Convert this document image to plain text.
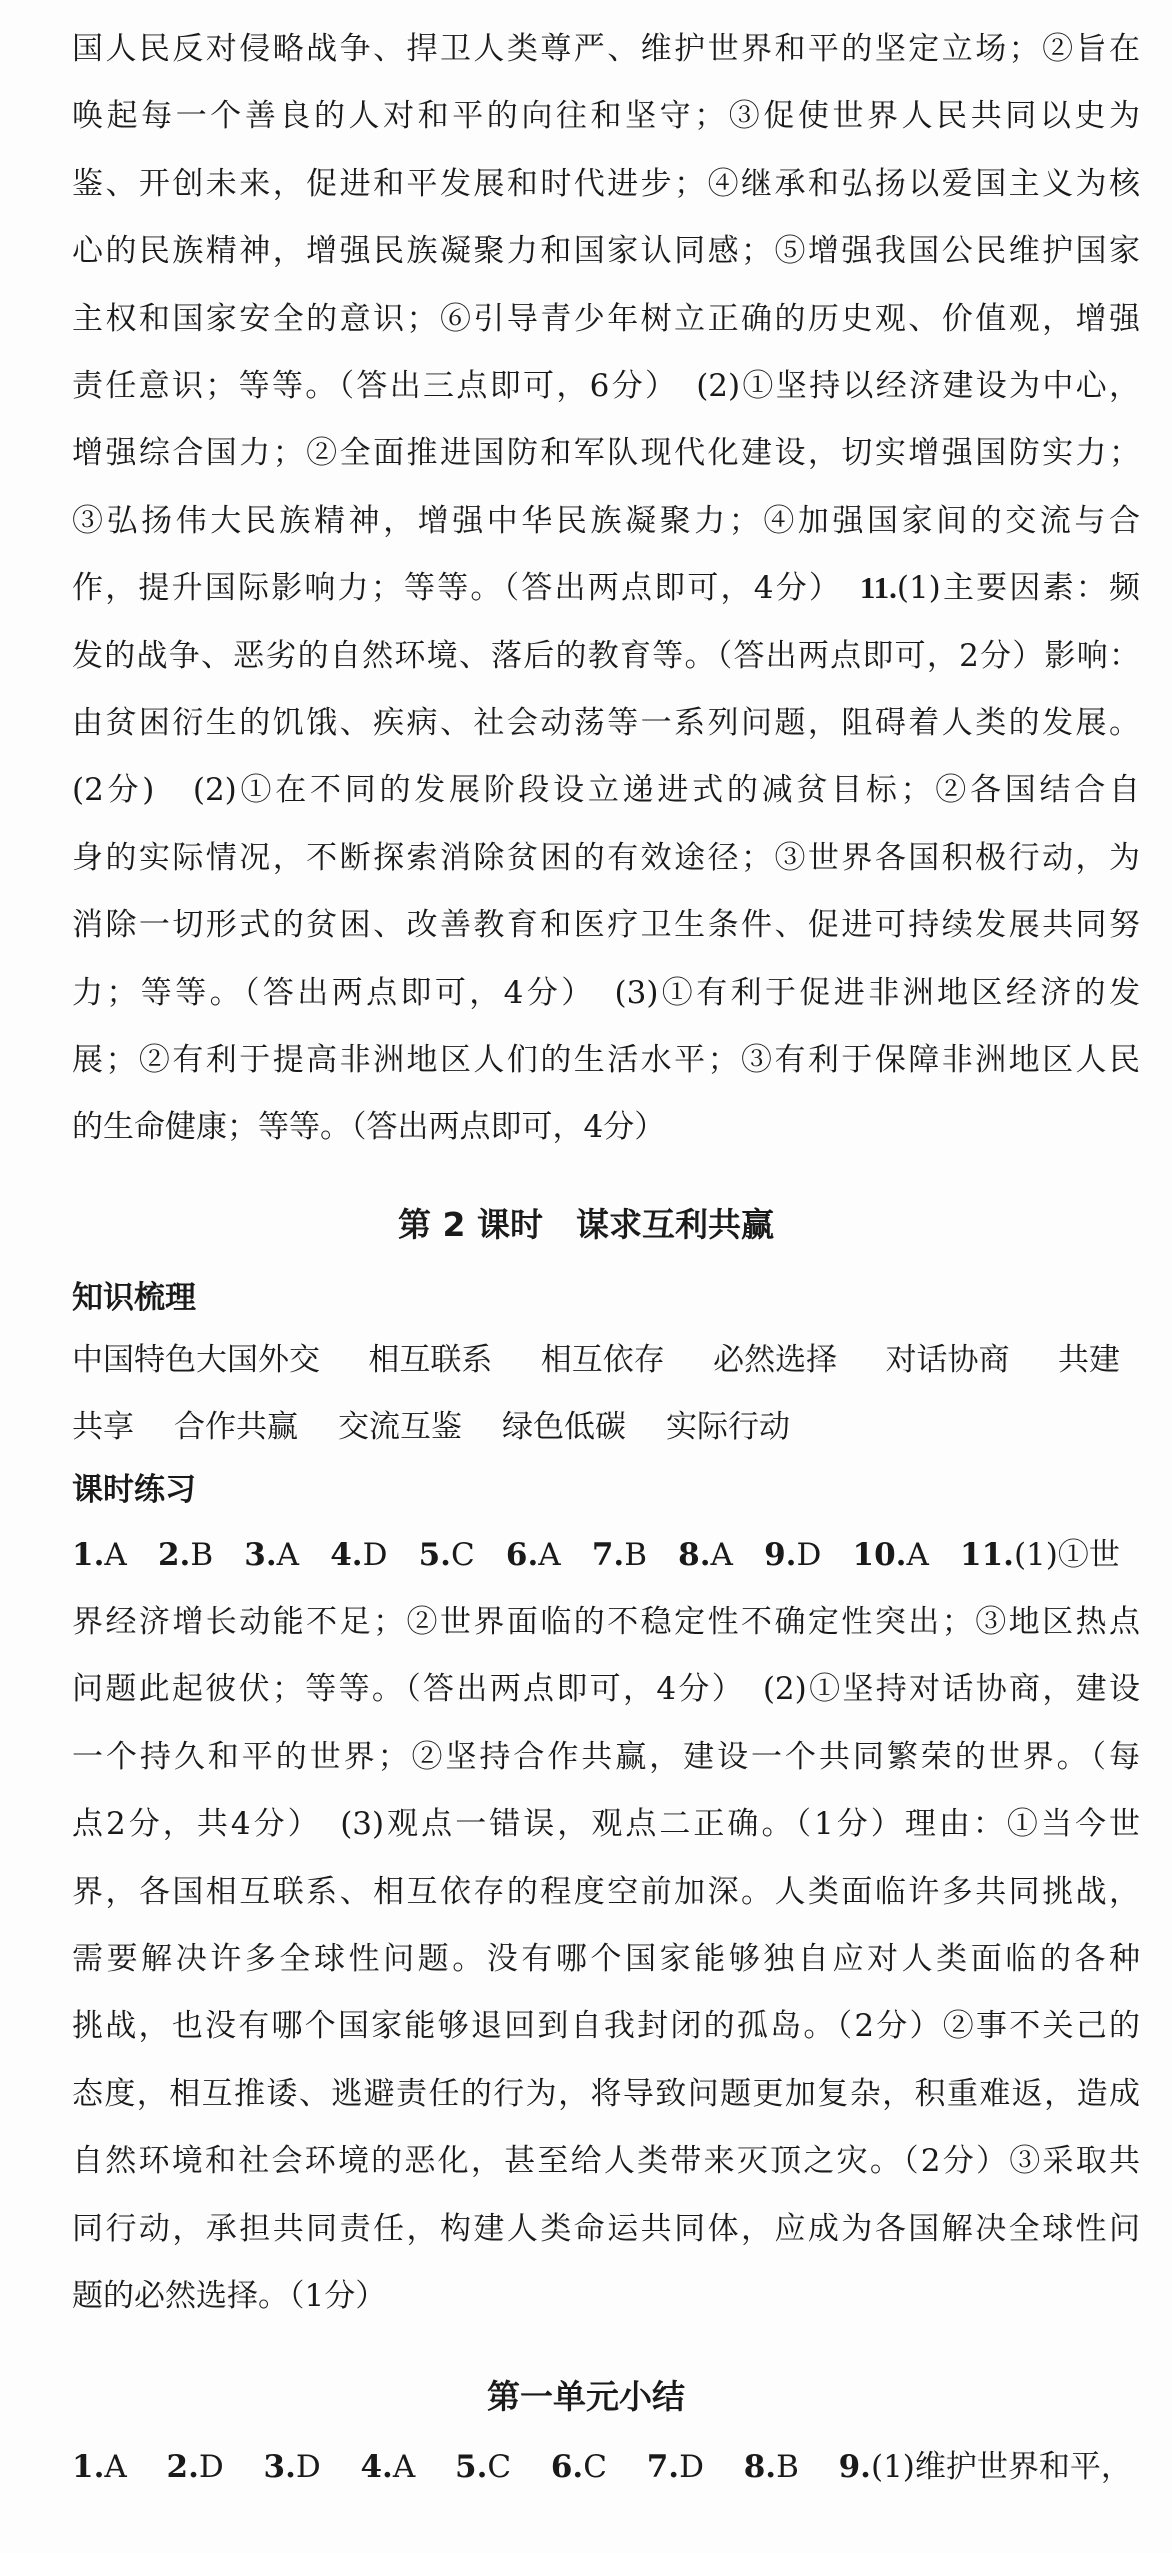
国人民反对侵略战争、捍卫人类尊严、维护世界和平的坚定立场；②旨在
唤起每一个善良的人对和平的向往和坚守；③促使世界人民共同以史为
鉴、开创未来，促进和平发展和时代进步；④继承和弘扬以爱国主义为核
心的民族精神，增强民族凝聚力和国家认同感；⑤增强我国公民维护国家
主权和国家安全的意识；⑥引导青少年树立正确的历史观、价值观，增强
责任意识；等等。（答出三点即可，6分）　(2)①坚持以经济建设为中心，
增强综合国力；②全面推进国防和军队现代化建设，切实增强国防实力；
③弘扬伟大民族精神，增强中华民族凝聚力；④加强国家间的交流与合
作，提升国际影响力；等等。（答出两点即可，4分）　11.(1)主要因素：频
发的战争、恶劣的自然环境、落后的教育等。（答出两点即可，2分）影响：
由贫困衍生的饥饿、疾病、社会动荡等一系列问题，阻碍着人类的发展。
(2分)　(2)①在不同的发展阶段设立递进式的减贫目标；②各国结合自
身的实际情况，不断探索消除贫困的有效途径；③世界各国积极行动，为
消除一切形式的贫困、改善教育和医疗卫生条件、促进可持续发展共同努
力；等等。（答出两点即可，4分）　(3)①有利于促进非洲地区经济的发
展；②有利于提高非洲地区人们的生活水平；③有利于保障非洲地区人民
的生命健康；等等。（答出两点即可，4分）
第 2 课时　谋求互利共赢
知识梳理
中国特色大国外交 相互联系 相互依存 必然选择 对话协商 共建
共享 合作共赢 交流互鉴 绿色低碳 实际行动
课时练习
1.A 2.B 3.A 4.D 5.C 6.A 7.B 8.A 9.D 10.A 11.(1)①世
界经济增长动能不足；②世界面临的不稳定性不确定性突出；③地区热点
问题此起彼伏；等等。（答出两点即可，4分）　(2)①坚持对话协商，建设
一个持久和平的世界；②坚持合作共赢，建设一个共同繁荣的世界。（每
点2分，共4分）　(3)观点一错误，观点二正确。（1分）理由：①当今世
界，各国相互联系、相互依存的程度空前加深。人类面临许多共同挑战，
需要解决许多全球性问题。没有哪个国家能够独自应对人类面临的各种
挑战，也没有哪个国家能够退回到自我封闭的孤岛。（2分）②事不关己的
态度，相互推诿、逃避责任的行为，将导致问题更加复杂，积重难返，造成
自然环境和社会环境的恶化，甚至给人类带来灭顶之灾。（2分）③采取共
同行动，承担共同责任，构建人类命运共同体，应成为各国解决全球性问
题的必然选择。（1分）
第一单元小结
1.A 2.D 3.D 4.A 5.C 6.C 7.D 8.B 9.(1)维护世界和平，
